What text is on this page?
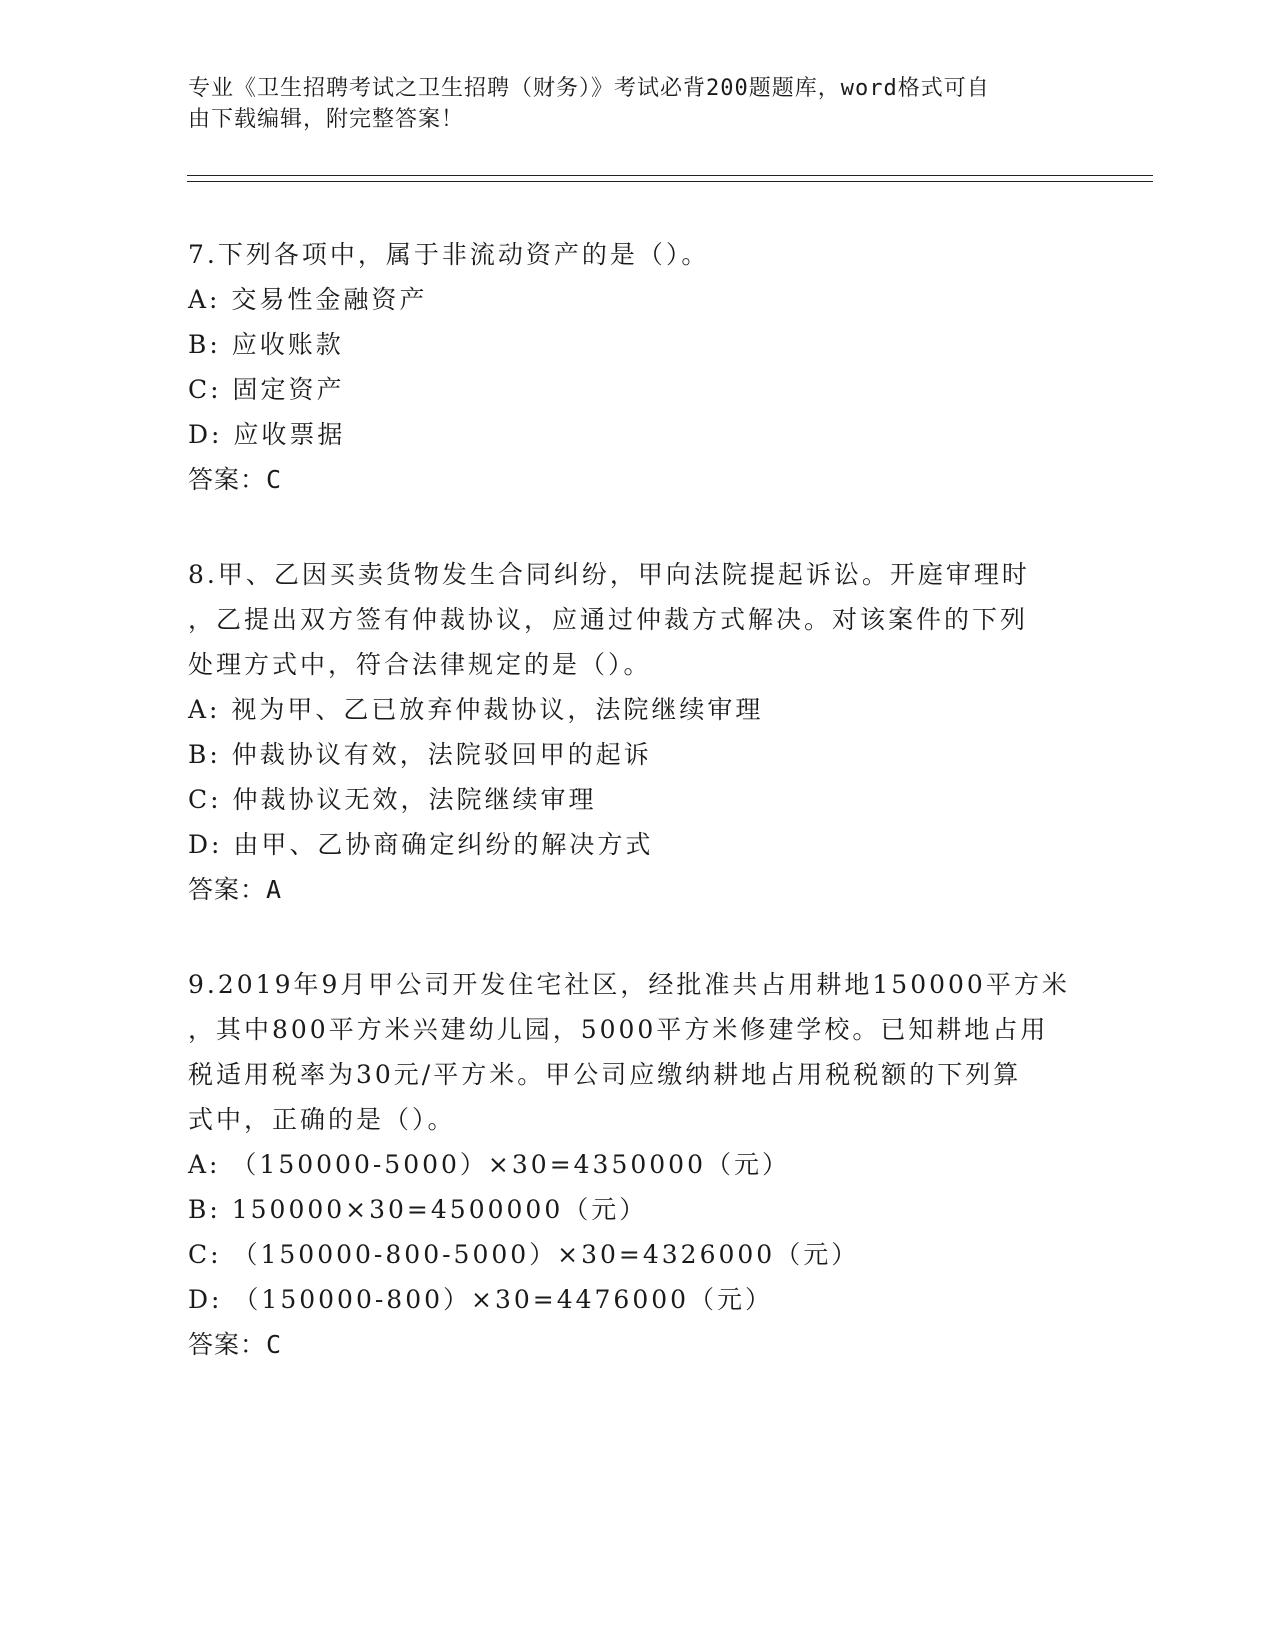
专业《卫生招聘考试之卫生招聘（财务）》考试必背200题题库，word格式可自
由下载编辑，附完整答案！
7.下列各项中，属于非流动资产的是（）。
A: 交易性金融资产
B: 应收账款
C: 固定资产
D: 应收票据
答案：C
8.甲、乙因买卖货物发生合同纠纷，甲向法院提起诉讼。开庭审理时
，乙提出双方签有仲裁协议，应通过仲裁方式解决。对该案件的下列
处理方式中，符合法律规定的是（）。
A: 视为甲、乙已放弃仲裁协议，法院继续审理
B: 仲裁协议有效，法院驳回甲的起诉
C: 仲裁协议无效，法院继续审理
D: 由甲、乙协商确定纠纷的解决方式
答案：A
9.2019年9月甲公司开发住宅社区，经批准共占用耕地150000平方米
，其中800平方米兴建幼儿园，5000平方米修建学校。已知耕地占用
税适用税率为30元/平方米。甲公司应缴纳耕地占用税税额的下列算
式中，正确的是（）。
A: （150000-5000）×30=4350000（元）
B: 150000×30=4500000（元）
C: （150000-800-5000）×30=4326000（元）
D: （150000-800）×30=4476000（元）
答案：C
